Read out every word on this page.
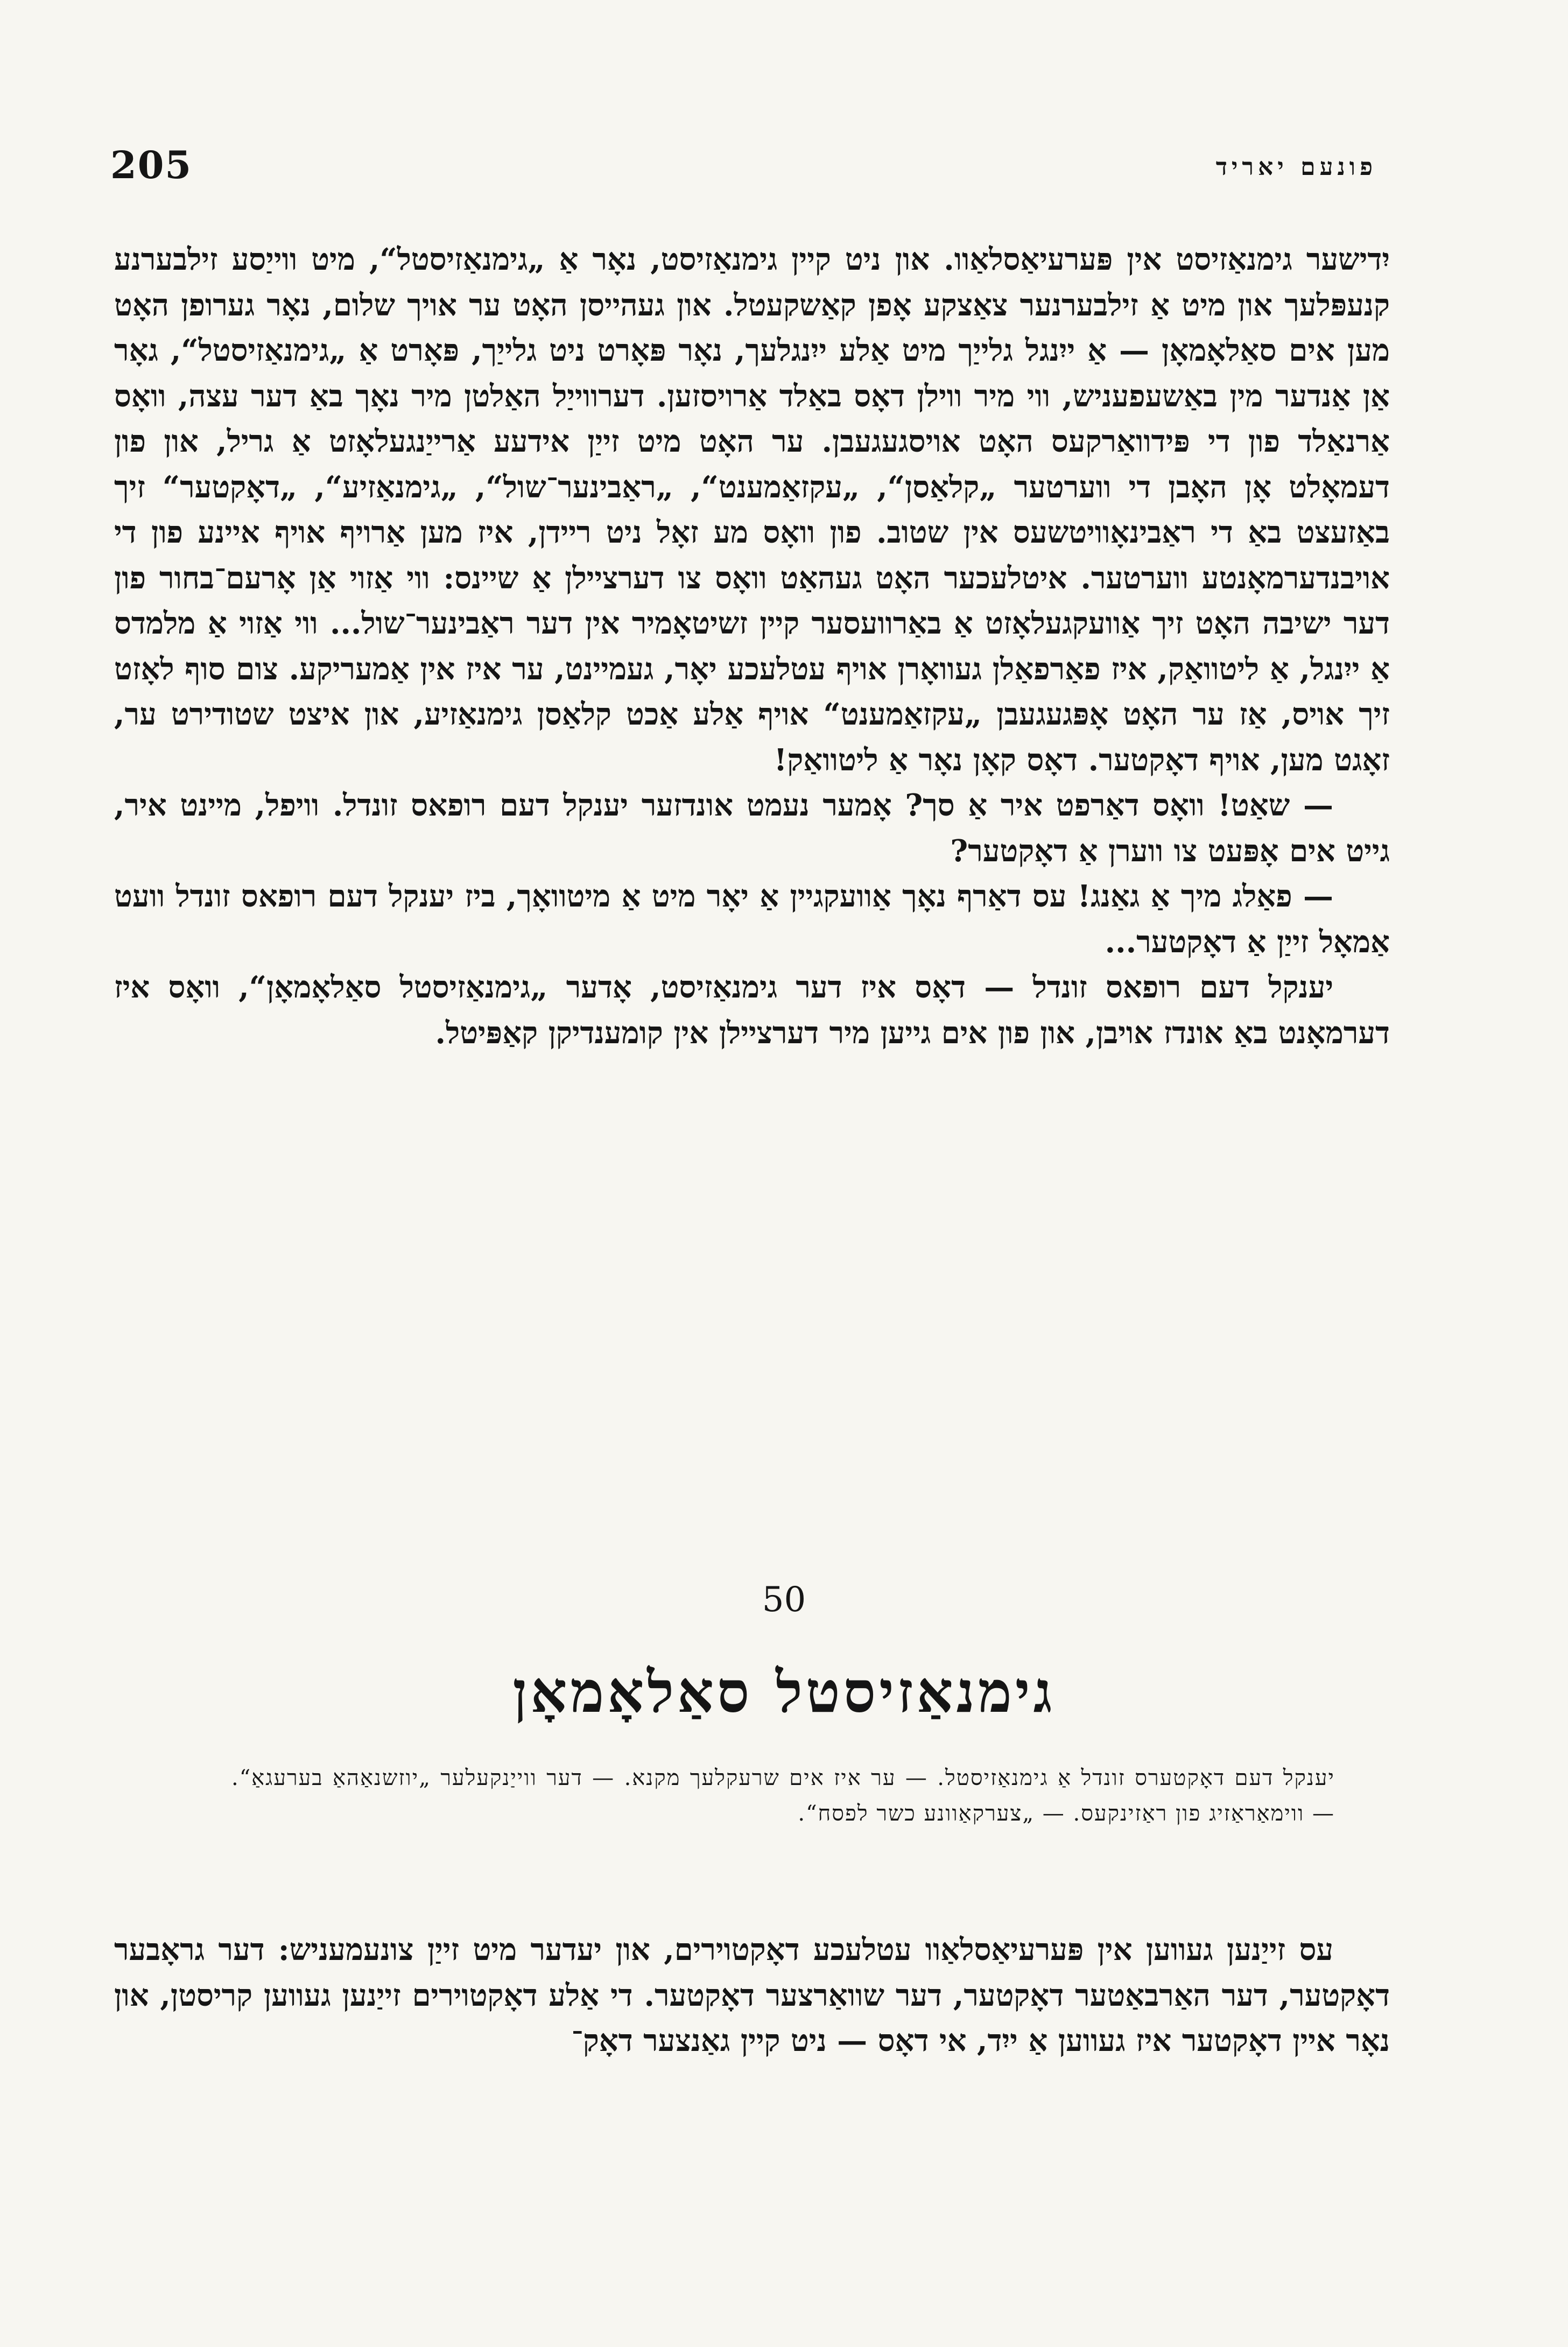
205	פונעם יאריד

יִדישער גימנאַזיסט אין פּערעיאַסלאַוו. און ניט קיין גימנאַזיסט, נאָר אַ „גימנאַזיסטל“, מיט ווייַסע זילבערנע קנעפּלעך און מיט אַ זילבערנער צאַצקע אָפן קאַשקעטל. און געהייסן האָט ער אויך שלום, נאָר גערופן האָט מען אים סאַלאָמאָן — אַ ייִנגל גלייַך מיט אַלע ייִנגלעך, נאָר פּאָרט ניט גלייַך, פּאָרט אַ „גימנאַזיסטל“, גאָר אַן אַנדער מין באַשעפעניש, ווי מיר ווילן דאָס באַלד אַרויסזען. דערווייַל האַלטן מיר נאָך באַ דער עצה, וואָס אַרנאַלד פון די פּידוואַרקעס האָט אויסגעגעבן. ער האָט מיט זייַן אידעע אַרייַנגעלאָזט אַ גריל, און פון דעמאָלט אָן האָבן די ווערטער „קלאַסן“, „עקזאַמענט“, „ראַבינער־שול“, „גימנאַזיע“, „דאָקטער“ זיך באַזעצט באַ די ראַבינאָוויטשעס אין שטוב. פון וואָס מע זאָל ניט ריידן, איז מען אַרויף אויף איינע פון די אויבנדערמאָנטע ווערטער. איטלעכער האָט געהאַט וואָס צו דערציילן אַ שיינס: ווי אַזוי אַן אָרעם־בחור פון דער ישיבה האָט זיך אַוועקגעלאָזט אַ באַרוועסער קיין זשיטאָמיר אין דער ראַבינער־שול... ווי אַזוי אַ מלמדס אַ ייִנגל, אַ ליטוואַק, איז פאַרפאַלן געוואָרן אויף עטלעכע יאָר, געמיינט, ער איז אין אַמעריקע. צום סוף לאָזט זיך אויס, אַז ער האָט אָפּגעגעבן „עקזאַמענט“ אויף אַלע אַכט קלאַסן גימנאַזיע, און איצט שטודירט ער, זאָגט מען, אויף דאָקטער. דאָס קאָן נאָר אַ ליטוואַק!

— שאַט! וואָס דאַרפט איר אַ סך? אָמער נעמט אונדזער יענקל דעם רופאס זונדל. וויפל, מיינט איר, גייט אים אָפּעט צו ווערן אַ דאָקטער?

— פאַלג מיך אַ גאַנג! עס דאַרף נאָך אַוועקגיין אַ יאָר מיט אַ מיטוואָך, ביז יענקל דעם רופאס זונדל וועט אַמאָל זייַן אַ דאָקטער...

יענקל דעם רופאס זונדל — דאָס איז דער גימנאַזיסט, אָדער „גימנאַזיסטל סאַלאָמאָן“, וואָס איז דערמאָנט באַ אונדז אויבן, און פון אים גייען מיר דערציילן אין קומענדיקן קאַפּיטל.

50
גימנאַזיסטל סאַלאָמאָן

יענקל דעם דאָקטערס זונדל אַ גימנאַזיסטל. — ער איז אים שרעקלעך מקנא. — דער ווייַנקעלער „יוזשנאַהאַ בערעגאַ“. — ווימאַראַזיג פון ראַזינקעס. — „צערקאַוונע כשר לפסח“.

עס זייַנען געווען אין פּערעיאַסלאַוו עטלעכע דאָקטוירים, און יעדער מיט זייַן צונעמעניש: דער גראָבער דאָקטער, דער האַרבאַטער דאָקטער, דער שוואַרצער דאָקטער. די אַלע דאָקטוירים זייַנען געווען קריסטן, און נאָר איין דאָקטער איז געווען אַ ייִד, אי דאָס — ניט קיין גאַנצער דאָק־
